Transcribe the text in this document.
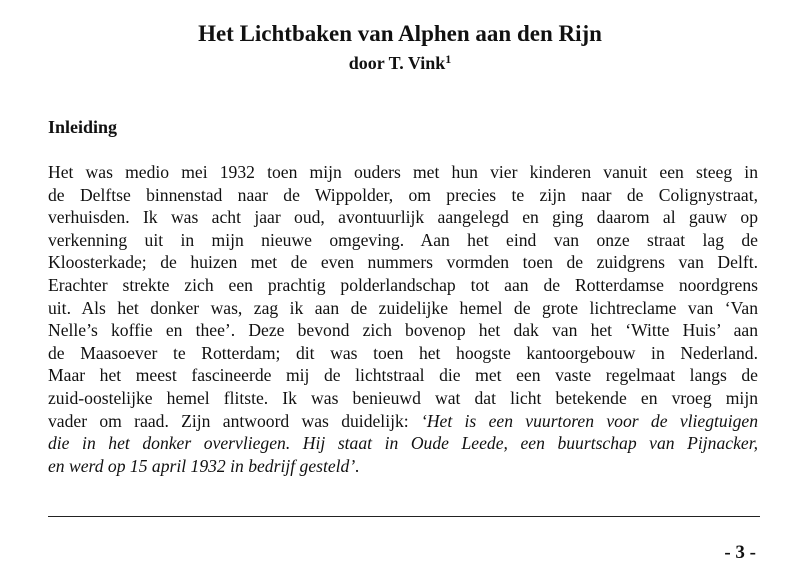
Het Lichtbaken van Alphen aan den Rijn
door T. Vink$^1$
Inleiding
Het was medio mei 1932 toen mijn ouders met hun vier kinderen vanuit een steeg in
de Delftse binnenstad naar de Wippolder, om precies te zijn naar de Colignystraat,
verhuisden. Ik was acht jaar oud, avontuurlijk aangelegd en ging daarom al gauw op
verkenning uit in mijn nieuwe omgeving. Aan het eind van onze straat lag de
Kloosterkade; de huizen met de even nummers vormden toen de zuidgrens van Delft.
Erachter strekte zich een prachtig polderlandschap tot aan de Rotterdamse noordgrens
uit. Als het donker was, zag ik aan de zuidelijke hemel de grote lichtreclame van ‘Van
Nelle’s koffie en thee’. Deze bevond zich bovenop het dak van het ‘Witte Huis’ aan
de Maasoever te Rotterdam; dit was toen het hoogste kantoorgebouw in Nederland.
Maar het meest fascineerde mij de lichtstraal die met een vaste regelmaat langs de
zuid-oostelijke hemel flitste. Ik was benieuwd wat dat licht betekende en vroeg mijn
vader om raad. Zijn antwoord was duidelijk: ‘Het is een vuurtoren voor de vliegtuigen
die in het donker overvliegen. Hij staat in Oude Leede, een buurtschap van Pijnacker,
en werd op 15 april 1932 in bedrijf gesteld’.
- 3 -
